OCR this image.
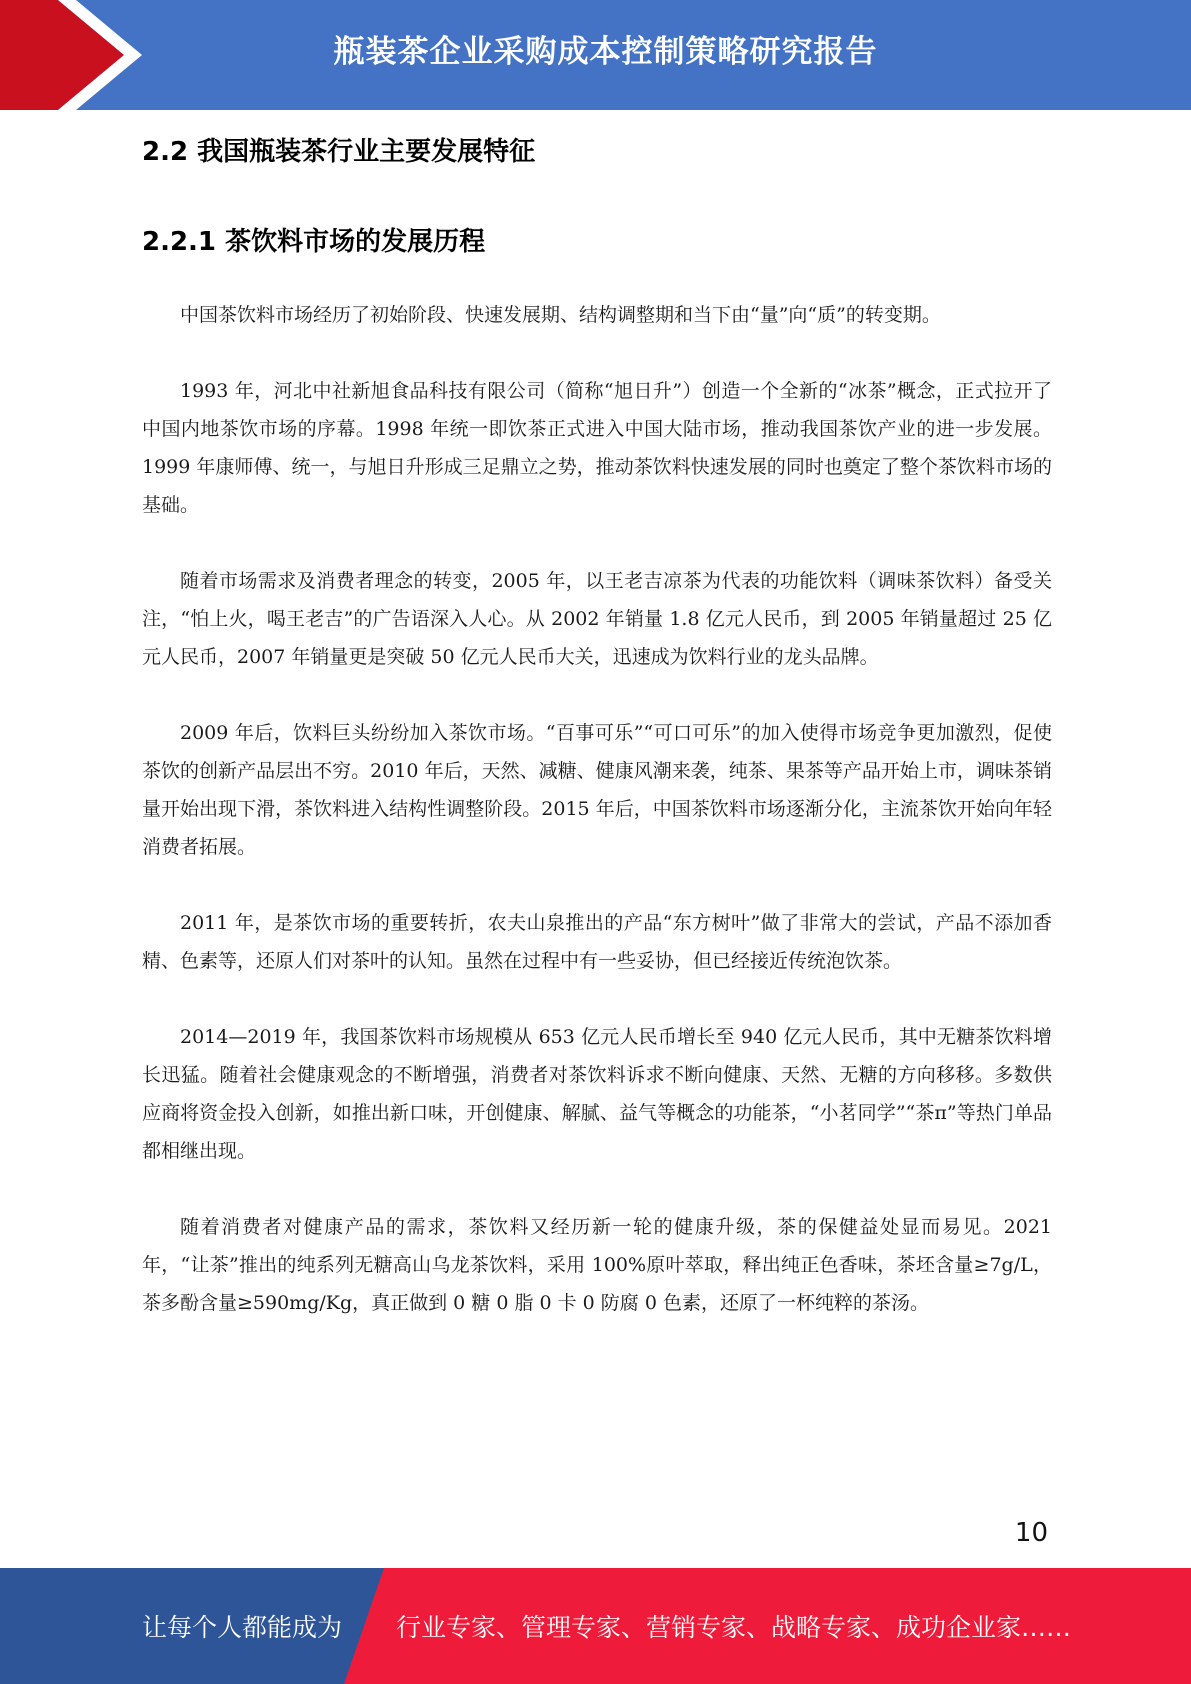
瓶装茶企业采购成本控制策略研究报告
2.2 我国瓶装茶行业主要发展特征
2.2.1 茶饮料市场的发展历程

中国茶饮料市场经历了初始阶段、快速发展期、结构调整期和当下由“量”向“质”的转变期。

1993 年，河北中社新旭食品科技有限公司（简称“旭日升”）创造一个全新的“冰茶”概念，正式拉开了中国内地茶饮市场的序幕。1998 年统一即饮茶正式进入中国大陆市场，推动我国茶饮产业的进一步发展。1999 年康师傅、统一，与旭日升形成三足鼎立之势，推动茶饮料快速发展的同时也奠定了整个茶饮料市场的基础。

随着市场需求及消费者理念的转变，2005 年，以王老吉凉茶为代表的功能饮料（调味茶饮料）备受关注，“怕上火，喝王老吉”的广告语深入人心。从 2002 年销量 1.8 亿元人民币，到 2005 年销量超过 25 亿元人民币，2007 年销量更是突破 50 亿元人民币大关，迅速成为饮料行业的龙头品牌。

2009 年后，饮料巨头纷纷加入茶饮市场。“百事可乐”“可口可乐”的加入使得市场竞争更加激烈，促使茶饮的创新产品层出不穷。2010 年后，天然、减糖、健康风潮来袭，纯茶、果茶等产品开始上市，调味茶销量开始出现下滑，茶饮料进入结构性调整阶段。2015 年后，中国茶饮料市场逐渐分化，主流茶饮开始向年轻消费者拓展。

2011 年，是茶饮市场的重要转折，农夫山泉推出的产品“东方树叶”做了非常大的尝试，产品不添加香精、色素等，还原人们对茶叶的认知。虽然在过程中有一些妥协，但已经接近传统泡饮茶。

2014—2019 年，我国茶饮料市场规模从 653 亿元人民币增长至 940 亿元人民币，其中无糖茶饮料增长迅猛。随着社会健康观念的不断增强，消费者对茶饮料诉求不断向健康、天然、无糖的方向移移。多数供应商将资金投入创新，如推出新口味，开创健康、解腻、益气等概念的功能茶，“小茗同学”“茶π”等热门单品都相继出现。

随着消费者对健康产品的需求，茶饮料又经历新一轮的健康升级，茶的保健益处显而易见。2021 年，“让茶”推出的纯系列无糖高山乌龙茶饮料，采用 100%原叶萃取，释出纯正色香味，茶坯含量≥7g/L，茶多酚含量≥590mg/Kg，真正做到 0 糖 0 脂 0 卡 0 防腐 0 色素，还原了一杯纯粹的茶汤。

10
让每个人都能成为 行业专家、管理专家、营销专家、战略专家、成功企业家……
